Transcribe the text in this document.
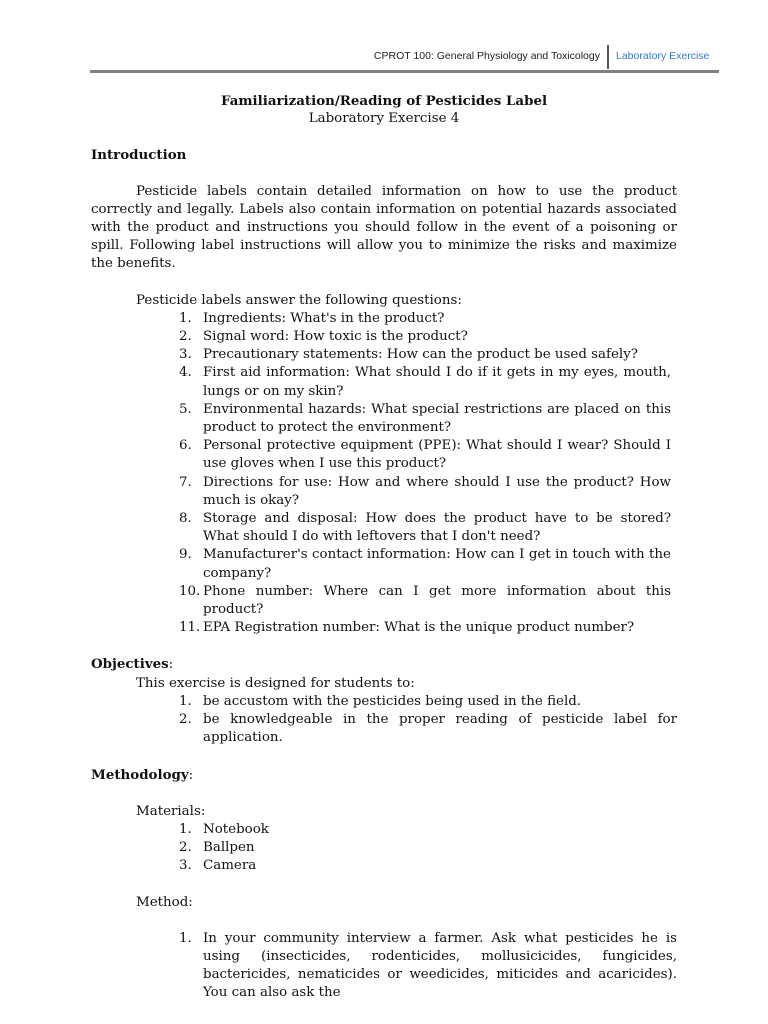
CPROT 100: General Physiology and Toxicology Laboratory Exercise

Familiarization/Reading of Pesticides Label

Laboratory Exercise 4

Introduction

Pesticide labels contain detailed information on how to use the product correctly and legally. Labels also contain information on potential hazards associated with the product and instructions you should follow in the event of a poisoning or spill. Following label instructions will allow you to minimize the risks and maximize the benefits.

Pesticide labels answer the following questions:

1. Ingredients: What's in the product?
2. Signal word: How toxic is the product?
3. Precautionary statements: How can the product be used safely?
4. First aid information: What should I do if it gets in my eyes, mouth, lungs or on my skin?
5. Environmental hazards: What special restrictions are placed on this product to protect the environment?
6. Personal protective equipment (PPE): What should I wear? Should I use gloves when I use this product?
7. Directions for use: How and where should I use the product? How much is okay?
8. Storage and disposal: How does the product have to be stored? What should I do with leftovers that I don't need?
9. Manufacturer's contact information: How can I get in touch with the company?
10. Phone number: Where can I get more information about this product?
11. EPA Registration number: What is the unique product number?

Objectives:

This exercise is designed for students to:

1. be accustom with the pesticides being used in the field.
2. be knowledgeable in the proper reading of pesticide label for application.

Methodology:

Materials:

1. Notebook
2. Ballpen
3. Camera

Method:

1. In your community interview a farmer. Ask what pesticides he is using (insecticides, rodenticides, mollusicicides, fungicides, bactericides, nematicides or weedicides, miticides and acaricides). You can also ask the
